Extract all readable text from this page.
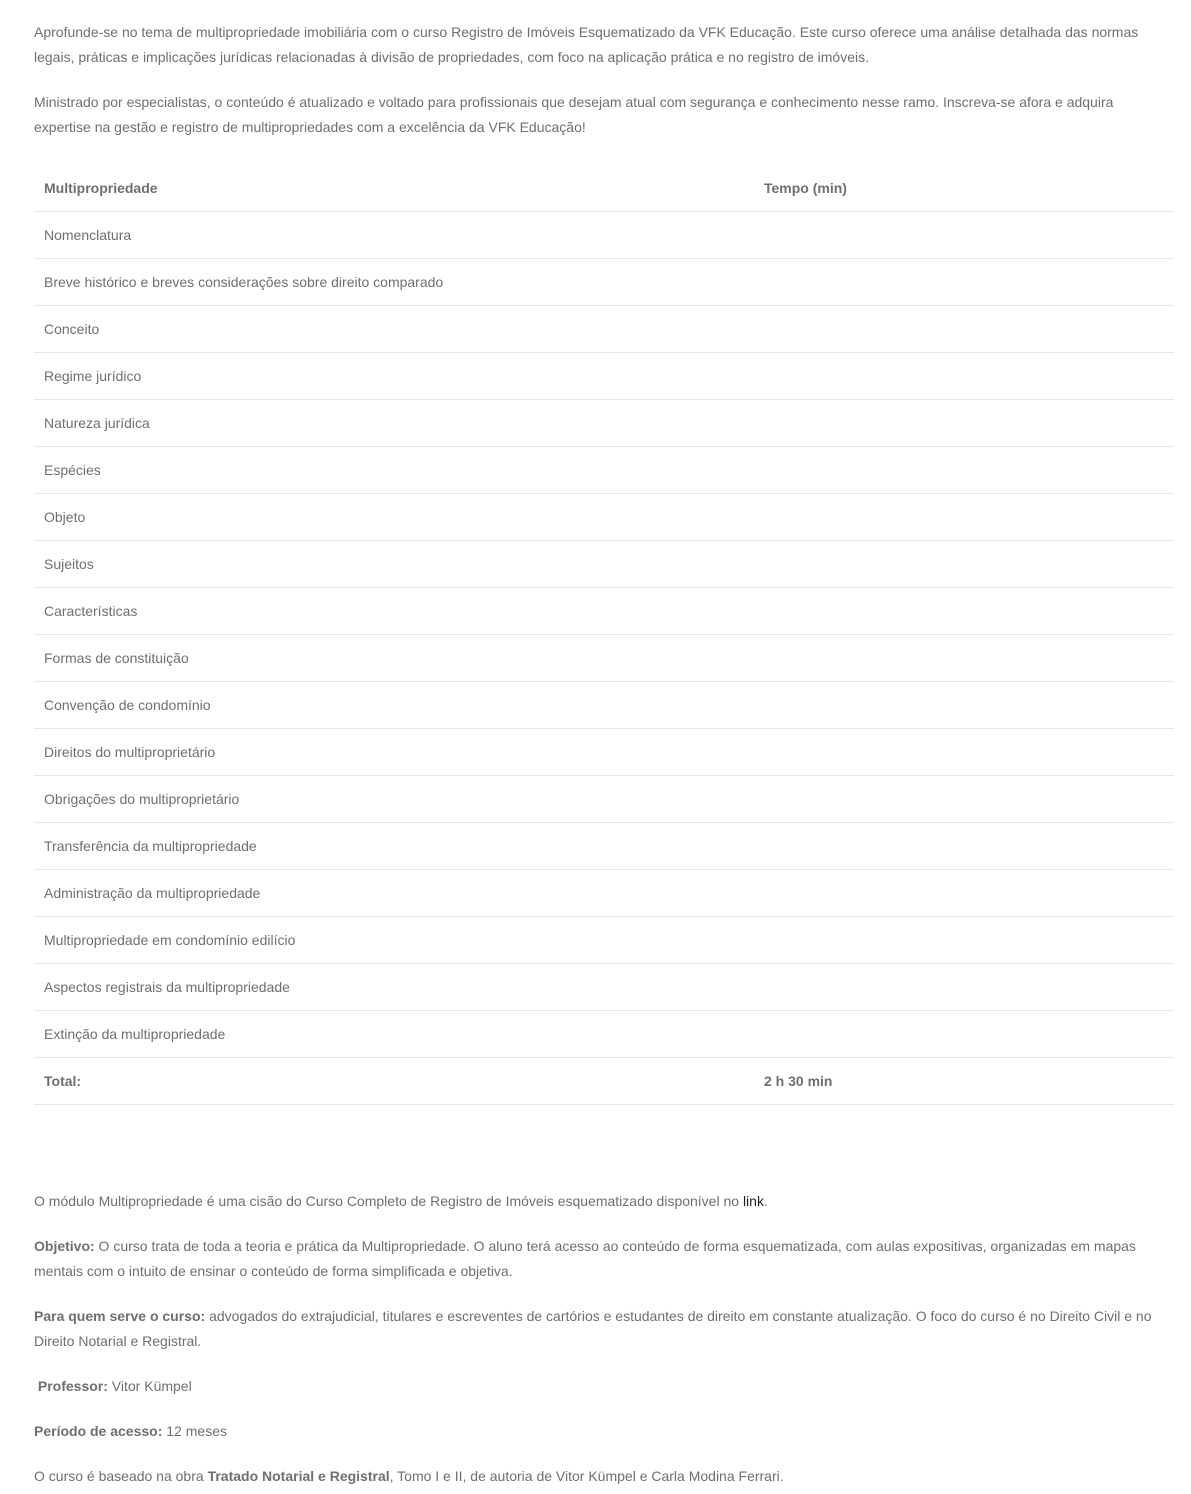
Aprofunde-se no tema de multipropriedade imobiliária com o curso Registro de Imóveis Esquematizado da VFK Educação. Este curso oferece uma análise detalhada das normas legais, práticas e implicações jurídicas relacionadas à divisão de propriedades, com foco na aplicação prática e no registro de imóveis.

Ministrado por especialistas, o conteúdo é atualizado e voltado para profissionais que desejam atual com segurança e conhecimento nesse ramo. Inscreva-se afora e adquira expertise na gestão e registro de multipropriedades com a excelência da VFK Educação!

Multipropriedade	Tempo (min)
Nomenclatura	
Breve histórico e breves considerações sobre direito comparado	
Conceito	
Regime jurídico	
Natureza jurídica	
Espécies	
Objeto	
Sujeitos	
Características	
Formas de constituição	
Convenção de condomínio	
Direitos do multiproprietário	
Obrigações do multiproprietário	
Transferência da multipropriedade	
Administração da multipropriedade	
Multipropriedade em condomínio edilício	
Aspectos registrais da multipropriedade	
Extinção da multipropriedade	
Total:	2 h 30 min

O módulo Multipropriedade é uma cisão do Curso Completo de Registro de Imóveis esquematizado disponível no link.

Objetivo: O curso trata de toda a teoria e prática da Multipropriedade. O aluno terá acesso ao conteúdo de forma esquematizada, com aulas expositivas, organizadas em mapas mentais com o intuito de ensinar o conteúdo de forma simplificada e objetiva.

Para quem serve o curso: advogados do extrajudicial, titulares e escreventes de cartórios e estudantes de direito em constante atualização. O foco do curso é no Direito Civil e no Direito Notarial e Registral.

Professor: Vitor Kümpel

Período de acesso: 12 meses

O curso é baseado na obra Tratado Notarial e Registral, Tomo I e II, de autoria de Vitor Kümpel e Carla Modina Ferrari.
